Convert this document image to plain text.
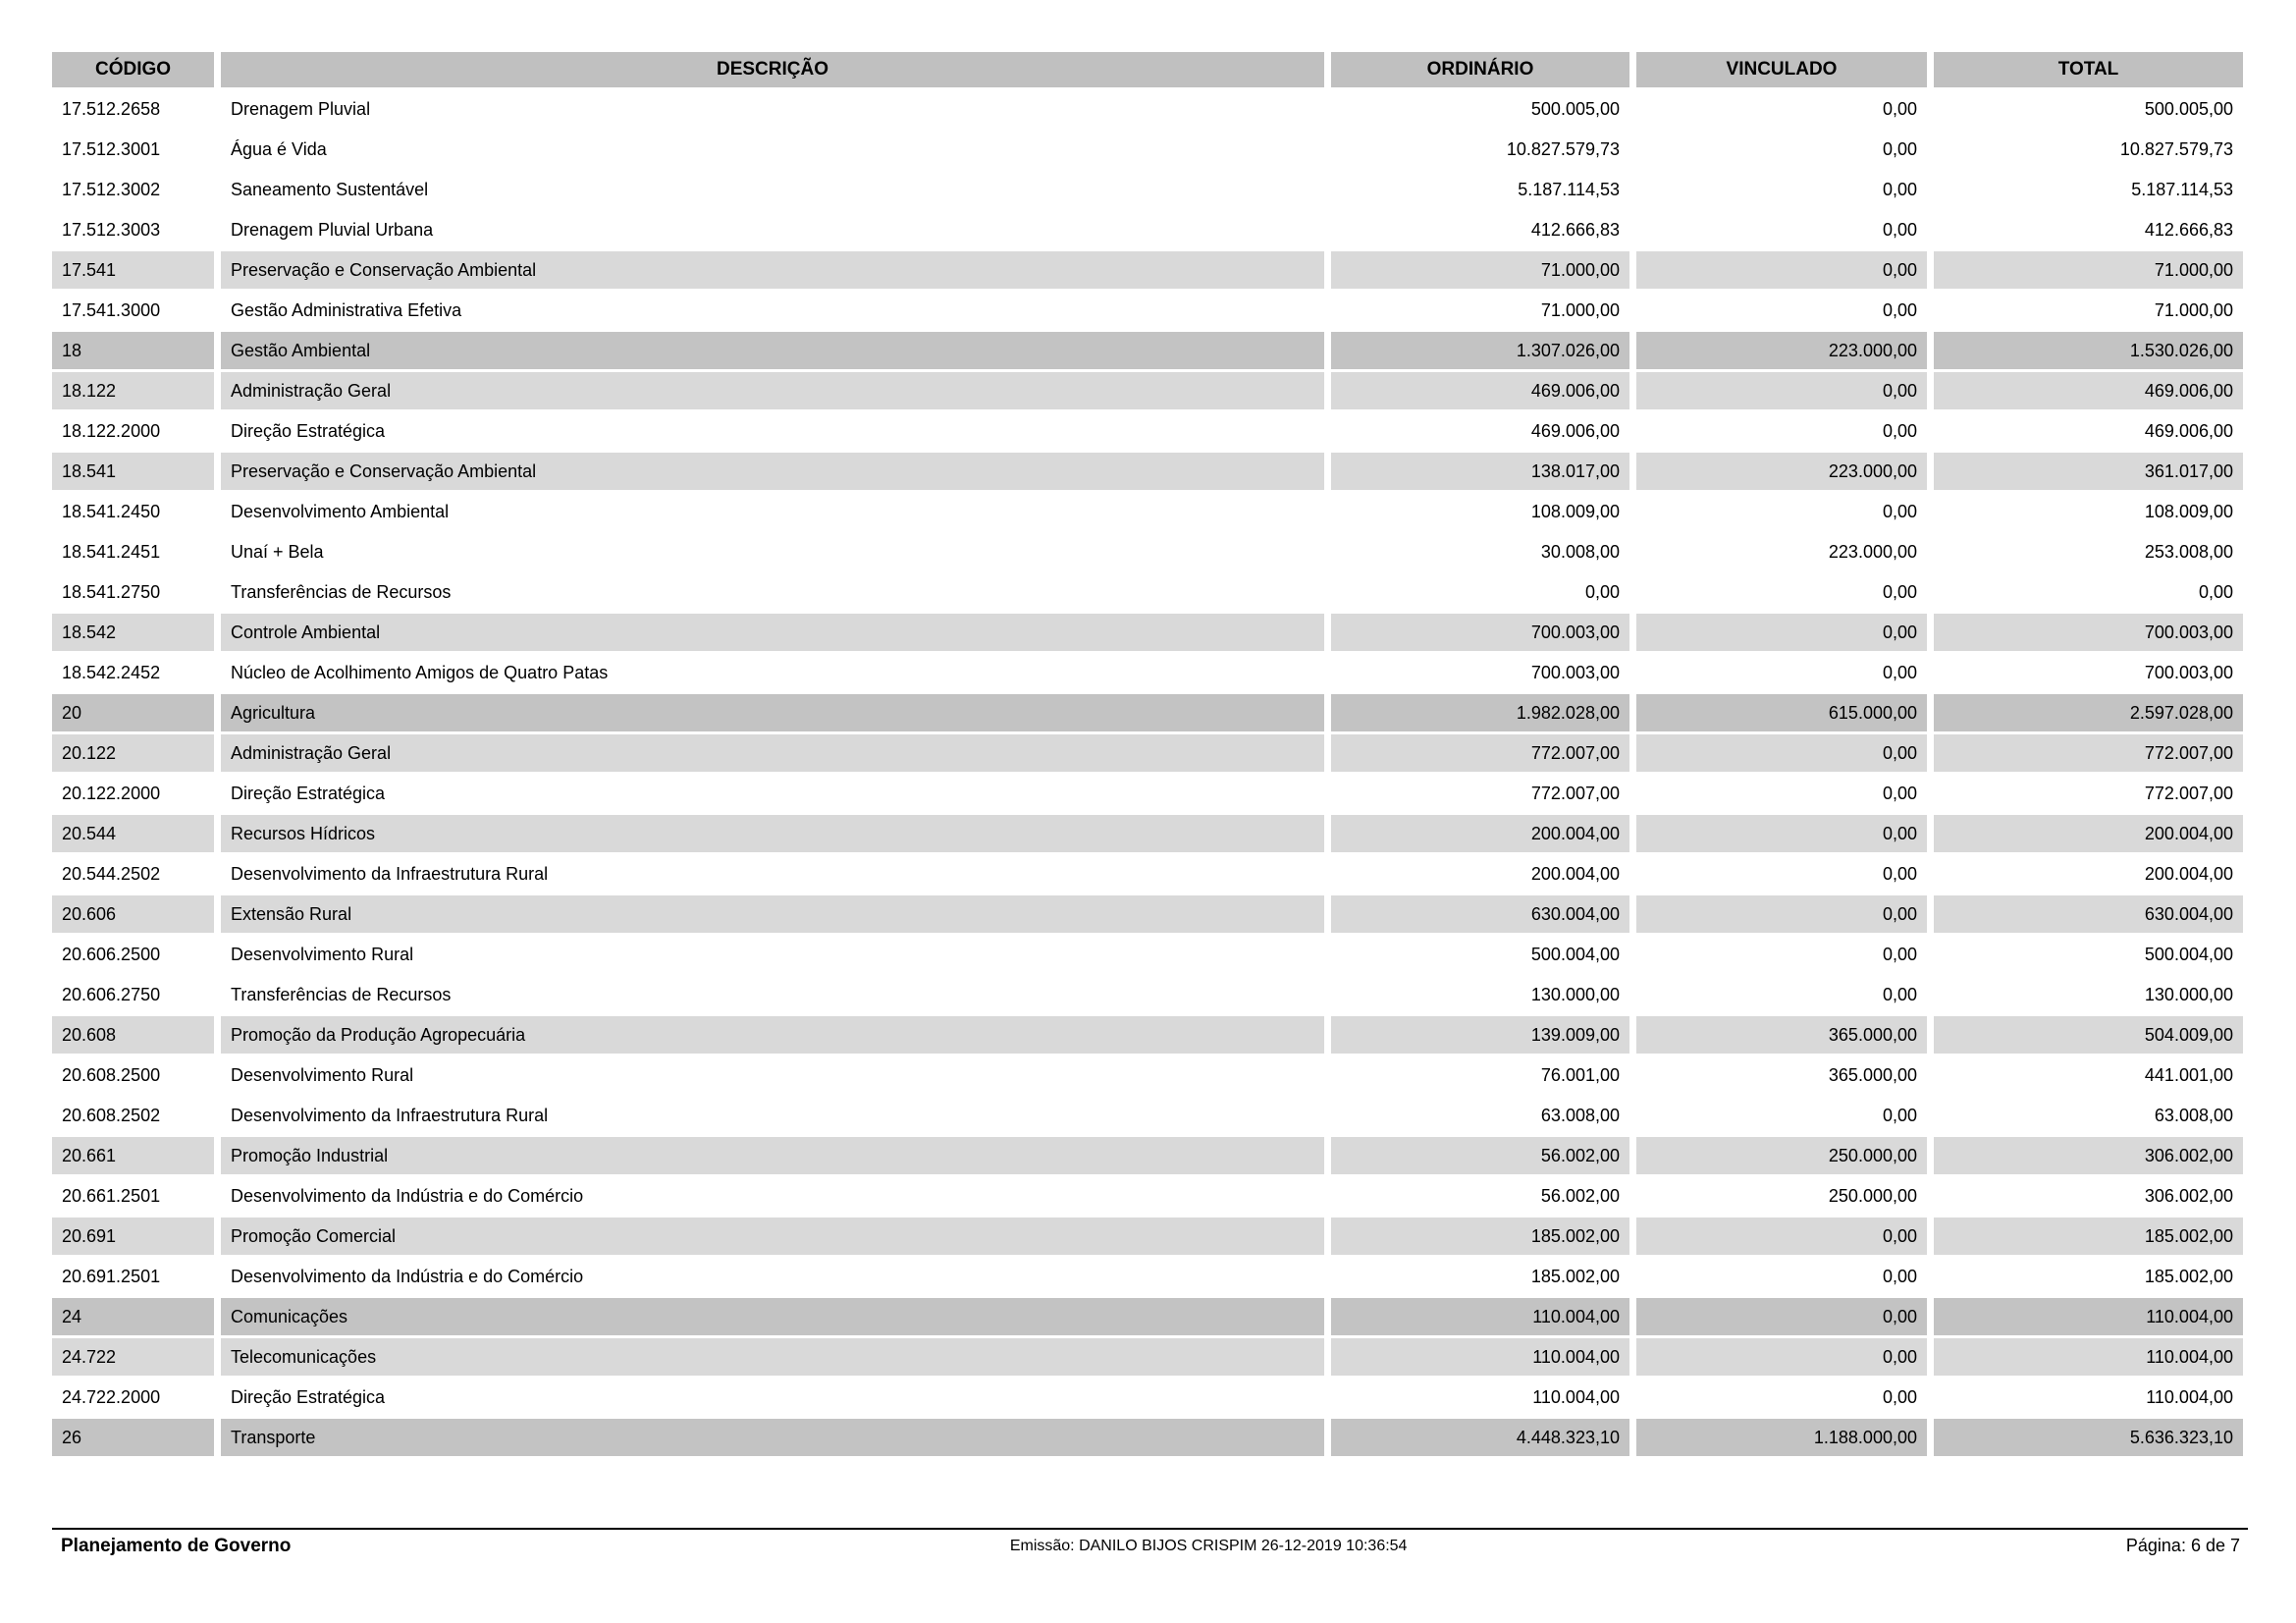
CÓDIGO	DESCRIÇÃO	ORDINÁRIO	VINCULADO	TOTAL
17.512.2658	Drenagem Pluvial	500.005,00	0,00	500.005,00
17.512.3001	Água é Vida	10.827.579,73	0,00	10.827.579,73
17.512.3002	Saneamento Sustentável	5.187.114,53	0,00	5.187.114,53
17.512.3003	Drenagem Pluvial Urbana	412.666,83	0,00	412.666,83
17.541	Preservação e Conservação Ambiental	71.000,00	0,00	71.000,00
17.541.3000	Gestão Administrativa Efetiva	71.000,00	0,00	71.000,00
18	Gestão Ambiental	1.307.026,00	223.000,00	1.530.026,00
18.122	Administração Geral	469.006,00	0,00	469.006,00
18.122.2000	Direção Estratégica	469.006,00	0,00	469.006,00
18.541	Preservação e Conservação Ambiental	138.017,00	223.000,00	361.017,00
18.541.2450	Desenvolvimento Ambiental	108.009,00	0,00	108.009,00
18.541.2451	Unaí + Bela	30.008,00	223.000,00	253.008,00
18.541.2750	Transferências de Recursos	0,00	0,00	0,00
18.542	Controle Ambiental	700.003,00	0,00	700.003,00
18.542.2452	Núcleo de Acolhimento Amigos de Quatro Patas	700.003,00	0,00	700.003,00
20	Agricultura	1.982.028,00	615.000,00	2.597.028,00
20.122	Administração Geral	772.007,00	0,00	772.007,00
20.122.2000	Direção Estratégica	772.007,00	0,00	772.007,00
20.544	Recursos Hídricos	200.004,00	0,00	200.004,00
20.544.2502	Desenvolvimento da Infraestrutura Rural	200.004,00	0,00	200.004,00
20.606	Extensão Rural	630.004,00	0,00	630.004,00
20.606.2500	Desenvolvimento Rural	500.004,00	0,00	500.004,00
20.606.2750	Transferências de Recursos	130.000,00	0,00	130.000,00
20.608	Promoção da Produção Agropecuária	139.009,00	365.000,00	504.009,00
20.608.2500	Desenvolvimento Rural	76.001,00	365.000,00	441.001,00
20.608.2502	Desenvolvimento da Infraestrutura Rural	63.008,00	0,00	63.008,00
20.661	Promoção Industrial	56.002,00	250.000,00	306.002,00
20.661.2501	Desenvolvimento da Indústria e do Comércio	56.002,00	250.000,00	306.002,00
20.691	Promoção Comercial	185.002,00	0,00	185.002,00
20.691.2501	Desenvolvimento da Indústria e do Comércio	185.002,00	0,00	185.002,00
24	Comunicações	110.004,00	0,00	110.004,00
24.722	Telecomunicações	110.004,00	0,00	110.004,00
24.722.2000	Direção Estratégica	110.004,00	0,00	110.004,00
26	Transporte	4.448.323,10	1.188.000,00	5.636.323,10
Planejamento de Governo	Emissão: DANILO BIJOS CRISPIM 26-12-2019 10:36:54	Página: 6 de 7
